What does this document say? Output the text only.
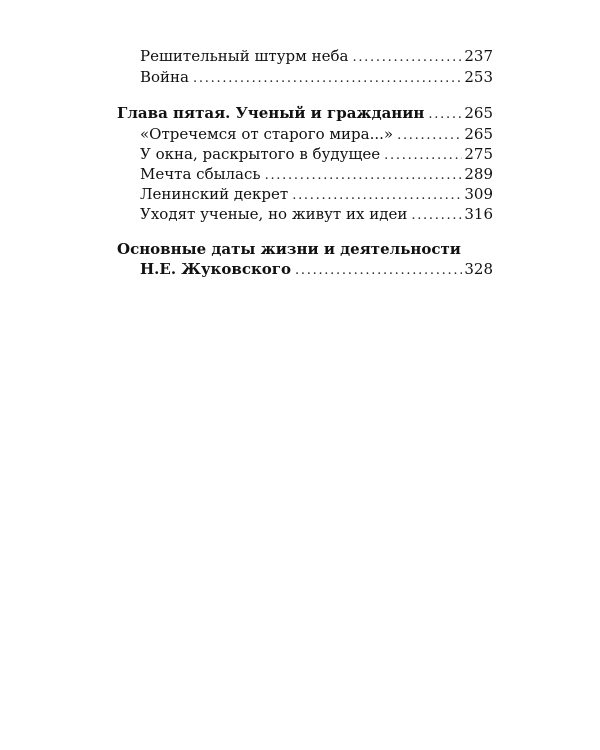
Решительный штурм неба . . .	237
Война . . .	253
Глава пятая. Ученый и гражданин . . .	265
«Отречемся от старого мира...» . . .	265
У окна, раскрытого в будущее . . .	275
Мечта сбылась . . .	289
Ленинский декрет . . .	309
Уходят ученые, но живут их идеи . . .	316
Основные даты жизни и деятельности
Н.Е. Жуковского . . .	328
